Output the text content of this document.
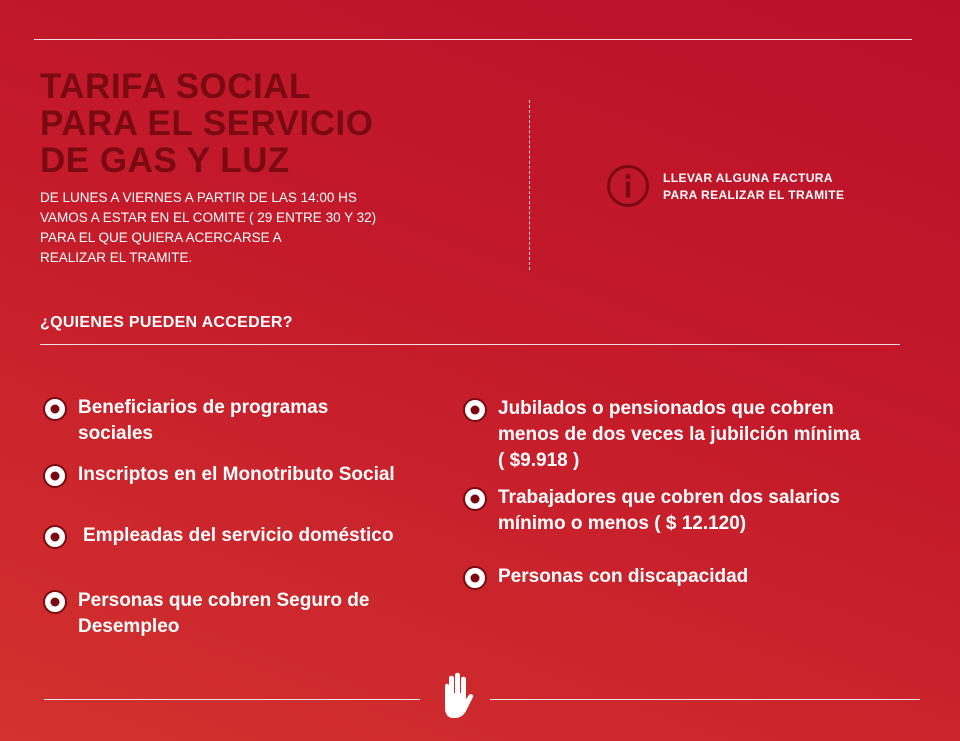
TARIFA SOCIAL
PARA EL SERVICIO
DE GAS Y LUZ
DE LUNES A VIERNES A PARTIR DE LAS 14:00 HS
VAMOS A ESTAR EN EL COMITE ( 29 ENTRE 30 Y 32)
PARA EL QUE QUIERA ACERCARSE A
REALIZAR EL TRAMITE.
LLEVAR ALGUNA FACTURA
PARA REALIZAR EL TRAMITE
¿QUIENES PUEDEN ACCEDER?
Beneficiarios de programas
sociales
Inscriptos en el Monotributo Social
Empleadas del servicio doméstico
Personas que cobren Seguro de
Desempleo
Jubilados o pensionados que cobren
menos de dos veces la jubilción mínima
( $9.918 )
Trabajadores que cobren dos salarios
mínimo o menos ( $ 12.120)
Personas con discapacidad
